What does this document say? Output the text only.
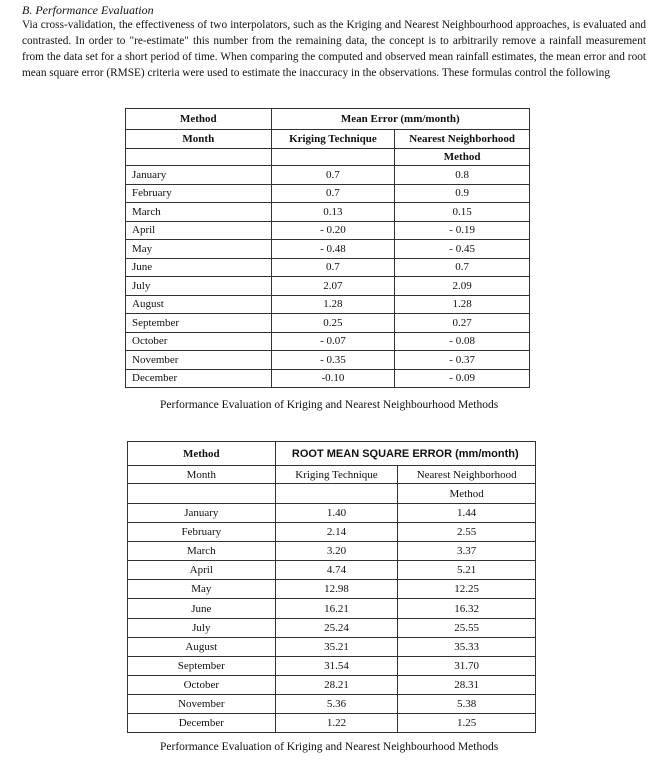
B. Performance Evaluation

Via cross-validation, the effectiveness of two interpolators, such as the Kriging and Nearest Neighbourhood approaches, is evaluated and contrasted. In order to "re-estimate" this number from the remaining data, the concept is to arbitrarily remove a rainfall measurement from the data set for a short period of time. When comparing the computed and observed mean rainfall estimates, the mean error and root mean square error (RMSE) criteria were used to estimate the inaccuracy in the observations. These formulas control the following

Method	Mean Error (mm/month)	
Month	Kriging Technique	Nearest Neighborhood

		Method
January	0.7	0.8
February	0.7	0.9
March	0.13	0.15
April	- 0.20	- 0.19
May	- 0.48	- 0.45
June	0.7	0.7
July	2.07	2.09
August	1.28	1.28
September	0.25	0.27
October	- 0.07	- 0.08
November	- 0.35	- 0.37
December	-0.10	- 0.09
Performance Evaluation of Kriging and Nearest Neighbourhood Methods
Method	ROOT MEAN SQUARE ERROR (mm/month)	
Month	Kriging Technique	Nearest Neighborhood
		Method
January	1.40	1.44
February	2.14	2.55
March	3.20	3.37
April	4.74	5.21
May	12.98	12.25
June	16.21	16.32
July	25.24	25.55
August	35.21	35.33
September	31.54	31.70
October	28.21	28.31
November	5.36	5.38
December	1.22	1.25
Performance Evaluation of Kriging and Nearest Neighbourhood Methods
